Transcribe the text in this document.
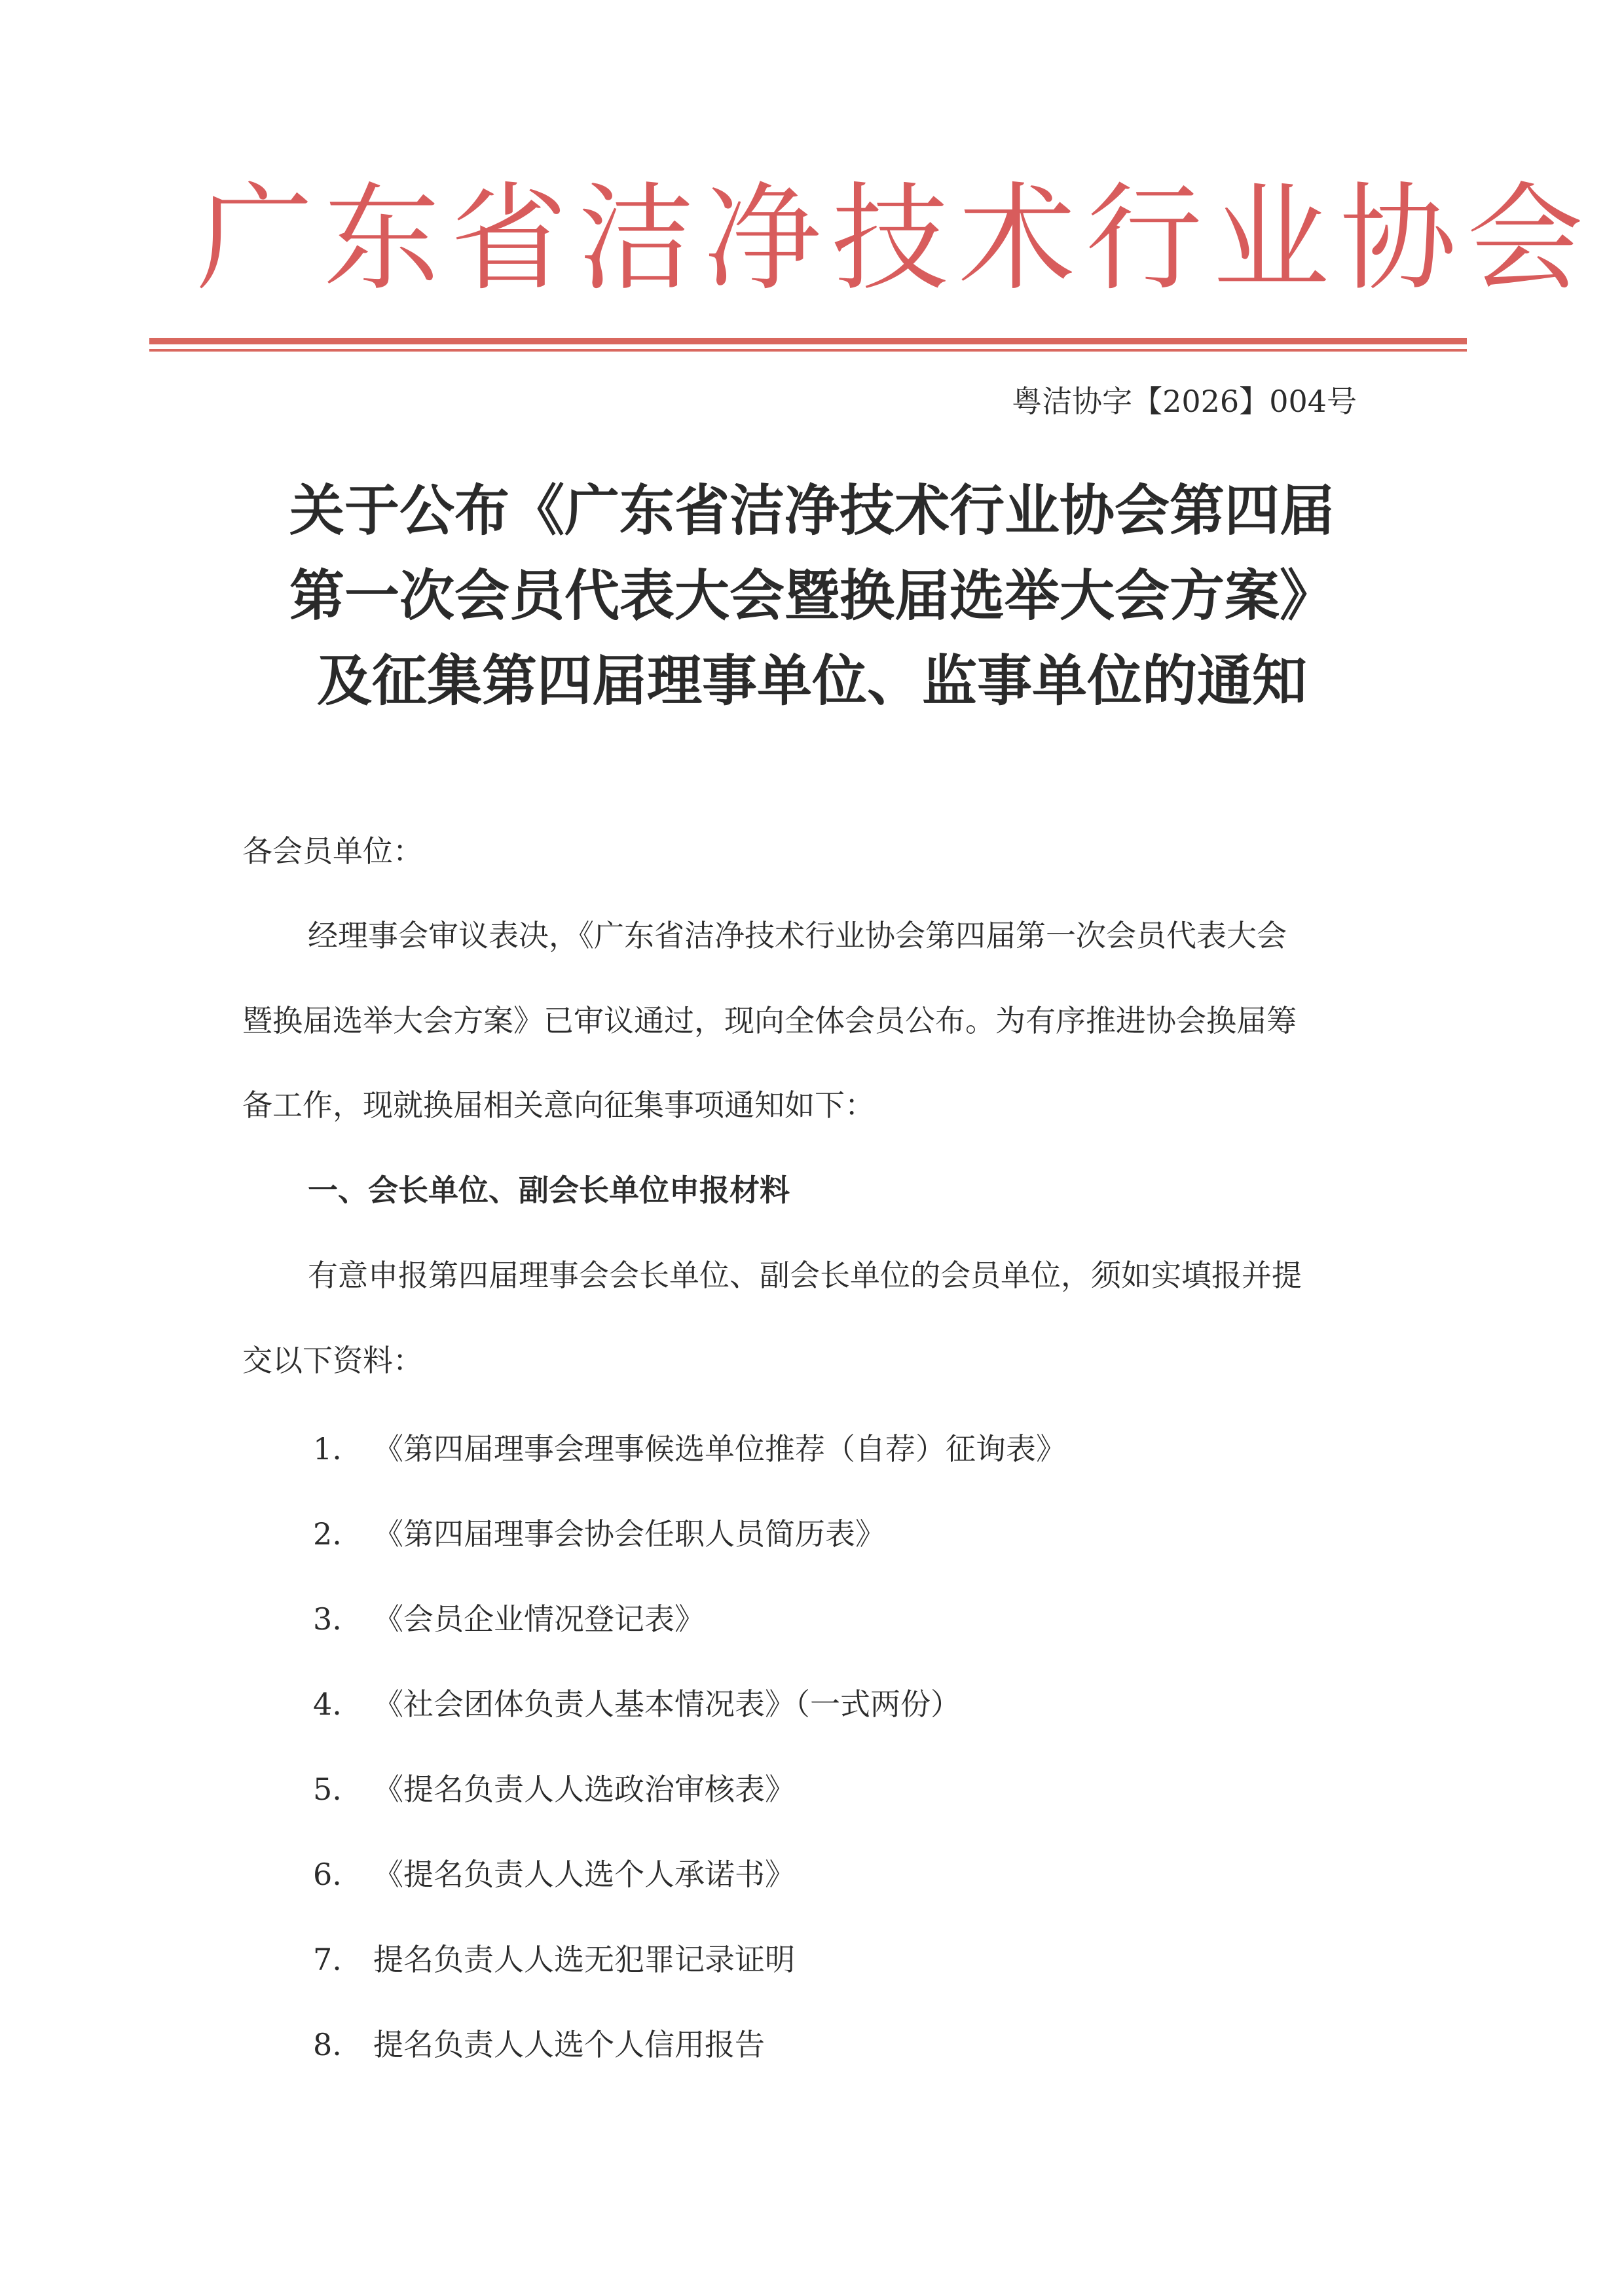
广东省洁净技术行业协会
粤洁协字【2026】004号
关于公布《广东省洁净技术行业协会第四届
第一次会员代表大会暨换届选举大会方案》
及征集第四届理事单位、监事单位的通知
各会员单位：
经理事会审议表决，《广东省洁净技术行业协会第四届第一次会员代表大会
暨换届选举大会方案》已审议通过，现向全体会员公布。为有序推进协会换届筹
备工作，现就换届相关意向征集事项通知如下：
一、会长单位、副会长单位申报材料
有意申报第四届理事会会长单位、副会长单位的会员单位，须如实填报并提
交以下资料：
1. 《第四届理事会理事候选单位推荐（自荐）征询表》
2. 《第四届理事会协会任职人员简历表》
3. 《会员企业情况登记表》
4. 《社会团体负责人基本情况表》（一式两份）
5. 《提名负责人人选政治审核表》
6. 《提名负责人人选个人承诺书》
7. 提名负责人人选无犯罪记录证明
8. 提名负责人人选个人信用报告
